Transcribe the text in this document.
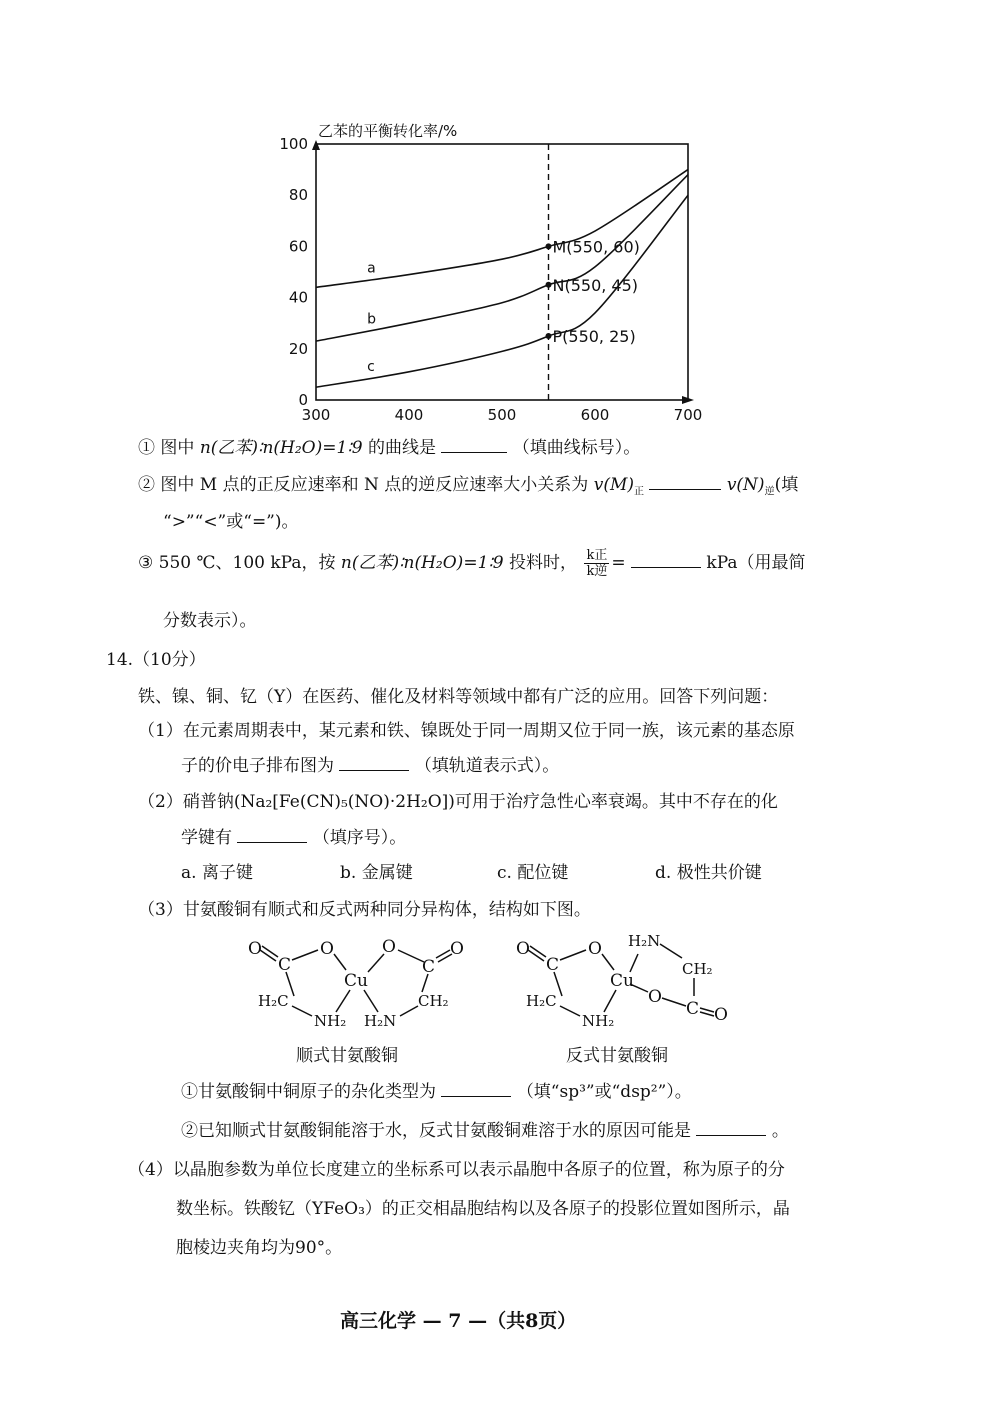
乙苯的平衡转化率/%
0
20
40
60
80
100
300	400	500	600	700
a
b
c
M(550, 60)
N(550, 45)
P(550, 25)
① 图中 n(乙苯)∶n(H₂O)=1∶9 的曲线是	（填曲线标号）。
② 图中 M 点的正反应速率和 N 点的逆反应速率大小关系为 $v(M)_正$	$v(N)_逆$(填
“>”“<”或“=”)。
③ 550 ℃、100 kPa，按 n(乙苯)∶n(H₂O)=1∶9 投料时， $\frac{\text{k正}}{\text{k逆}}$ =	kPa（用最简
分数表示）。
14.（10分）
铁、镍、铜、钇（Y）在医药、催化及材料等领域中都有广泛的应用。回答下列问题：
（1）在元素周期表中，某元素和铁、镍既处于同一周期又位于同一族，该元素的基态原
子的价电子排布图为	（填轨道表示式）。
（2）硝普钠(Na₂[Fe(CN)₅(NO)·2H₂O])可用于治疗急性心率衰竭。其中不存在的化
学键有	（填序号）。
a. 离子键	b. 金属键	c. 配位键	d. 极性共价键
（3）甘氨酸铜有顺式和反式两种同分异构体，结构如下图。
O
C
O
Cu
H₂C
NH₂
O
C
O
CH₂
H₂N
顺式甘氨酸铜
O
C
O
Cu
H₂C
NH₂
H₂N
CH₂
C O
O
反式甘氨酸铜
①甘氨酸铜中铜原子的杂化类型为	（填“sp³”或“dsp²”）。
②已知顺式甘氨酸铜能溶于水，反式甘氨酸铜难溶于水的原因可能是	。
（4）以晶胞参数为单位长度建立的坐标系可以表示晶胞中各原子的位置，称为原子的分
数坐标。铁酸钇（YFeO₃）的正交相晶胞结构以及各原子的投影位置如图所示，晶
胞棱边夹角均为90°。
高三化学 — 7 —（共8页）
